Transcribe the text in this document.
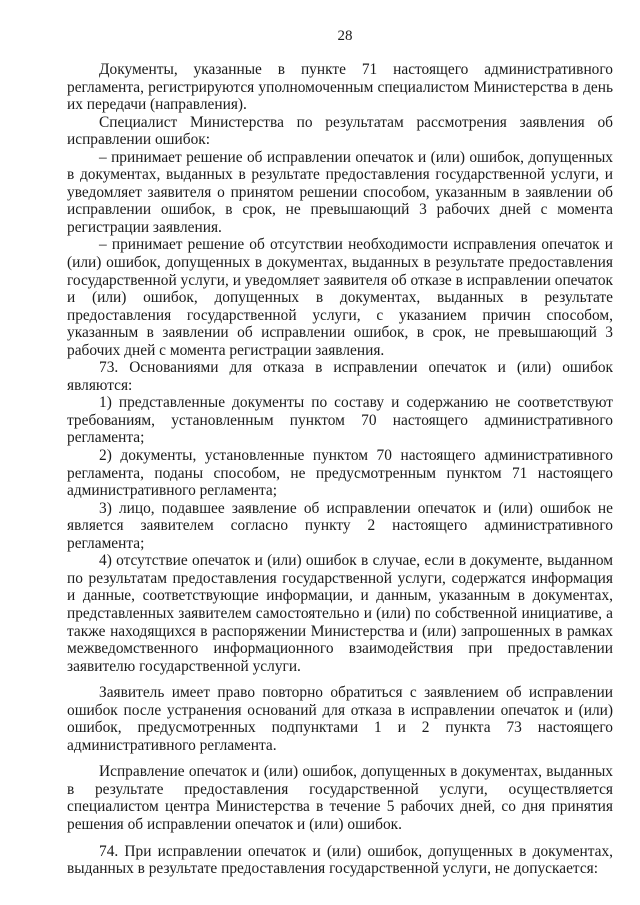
28

Документы, указанные в пункте 71 настоящего административного регламента, регистрируются уполномоченным специалистом Министерства в день их передачи (направления).

Специалист Министерства по результатам рассмотрения заявления об исправлении ошибок:

– принимает решение об исправлении опечаток и (или) ошибок, допущенных в документах, выданных в результате предоставления государственной услуги, и уведомляет заявителя о принятом решении способом, указанным в заявлении об исправлении ошибок, в срок, не превышающий 3 рабочих дней с момента регистрации заявления.

– принимает решение об отсутствии необходимости исправления опечаток и (или) ошибок, допущенных в документах, выданных в результате предоставления государственной услуги, и уведомляет заявителя об отказе в исправлении опечаток и (или) ошибок, допущенных в документах, выданных в результате предоставления государственной услуги, с указанием причин способом, указанным в заявлении об исправлении ошибок, в срок, не превышающий 3 рабочих дней с момента регистрации заявления.

73. Основаниями для отказа в исправлении опечаток и (или) ошибок являются:

1) представленные документы по составу и содержанию не соответствуют требованиям, установленным пунктом 70 настоящего административного регламента;

2) документы, установленные пунктом 70 настоящего административного регламента, поданы способом, не предусмотренным пунктом 71 настоящего административного регламента;

3) лицо, подавшее заявление об исправлении опечаток и (или) ошибок не является заявителем согласно пункту 2 настоящего административного регламента;

4) отсутствие опечаток и (или) ошибок в случае, если в документе, выданном по результатам предоставления государственной услуги, содержатся информация и данные, соответствующие информации, и данным, указанным в документах, представленных заявителем самостоятельно и (или) по собственной инициативе, а также находящихся в распоряжении Министерства и (или) запрошенных в рамках межведомственного информационного взаимодействия при предоставлении заявителю государственной услуги.

Заявитель имеет право повторно обратиться с заявлением об исправлении ошибок после устранения оснований для отказа в исправлении опечаток и (или) ошибок, предусмотренных подпунктами 1 и 2 пункта 73 настоящего административного регламента.

Исправление опечаток и (или) ошибок, допущенных в документах, выданных в результате предоставления государственной услуги, осуществляется специалистом центра Министерства в течение 5 рабочих дней, со дня принятия решения об исправлении опечаток и (или) ошибок.

74. При исправлении опечаток и (или) ошибок, допущенных в документах, выданных в результате предоставления государственной услуги, не допускается:
